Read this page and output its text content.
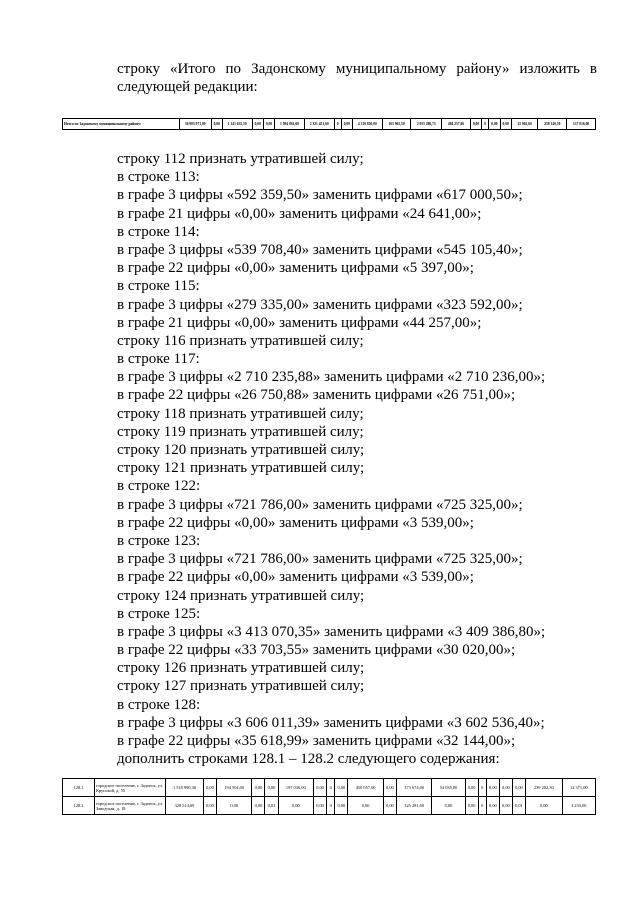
строку «Итого по Задонскому муниципальному району» изложить в
следующей редакции:
Итого по Задонскому муниципальному району:	36 905 971,09	0,00	1 341 635,50	0,00	0,00	1 994 861,60	2 321 451,60	0	0,00	4 310 850,00	165 965,50	2 955 286,75	484 257,66	0,00	0	0,00	0,00	25 962,60	258 140,30	137 016,00
строку 112 признать утратившей силу;
в строке 113:
в графе 3 цифры «592 359,50» заменить цифрами «617 000,50»;
в графе 21 цифры «0,00» заменить цифрами «24 641,00»;
в строке 114:
в графе 3 цифры «539 708,40» заменить цифрами «545 105,40»;
в графе 22 цифры «0,00» заменить цифрами «5 397,00»;
в строке 115:
в графе 3 цифры «279 335,00» заменить цифрами «323 592,00»;
в графе 21 цифры «0,00» заменить цифрами «44 257,00»;
строку 116 признать утратившей силу;
в строке 117:
в графе 3 цифры «2 710 235,88» заменить цифрами «2 710 236,00»;
в графе 22 цифры «26 750,88» заменить цифрами «26 751,00»;
строку 118 признать утратившей силу;
строку 119 признать утратившей силу;
строку 120 признать утратившей силу;
строку 121 признать утратившей силу;
в строке 122:
в графе 3 цифры «721 786,00» заменить цифрами «725 325,00»;
в графе 22 цифры «0,00» заменить цифрами «3 539,00»;
в строке 123:
в графе 3 цифры «721 786,00» заменить цифрами «725 325,00»;
в графе 22 цифры «0,00» заменить цифрами «3 539,00»;
строку 124 признать утратившей силу;
в строке 125:
в графе 3 цифры «3 413 070,35» заменить цифрами «3 409 386,80»;
в графе 22 цифры «33 703,55» заменить цифрами «30 020,00»;
строку 126 признать утратившей силу;
строку 127 признать утратившей силу;
в строке 128:
в графе 3 цифры «3 606 011,39» заменить цифрами «3 602 536,40»;
в графе 22 цифры «35 618,99» заменить цифрами «32 144,00»;
дополнить строками 128.1 – 128.2 следующего содержания:
128.1	городское поселение, г. Задонск, ул. Крупской, д. 55	1 518 990,30	0,00	194 504,00	0,00	0,00	197 036,00	0,00	0	0,00	450 057,00	0,00	373 674,00	54 035,00	0,00	0	0,00	0,00	0,00	239 202,30	12 371,00
128.2	городское поселение, г. Задонск, ул. Заводская, д. 18	328 514,69	0,00	0,00	0,00	0,01	0,00	0,00	0	0,00	0,00	0,00	325 281,69	0,00	0,00	0	0,00	0,00	0,01	0,00	3 233,00
